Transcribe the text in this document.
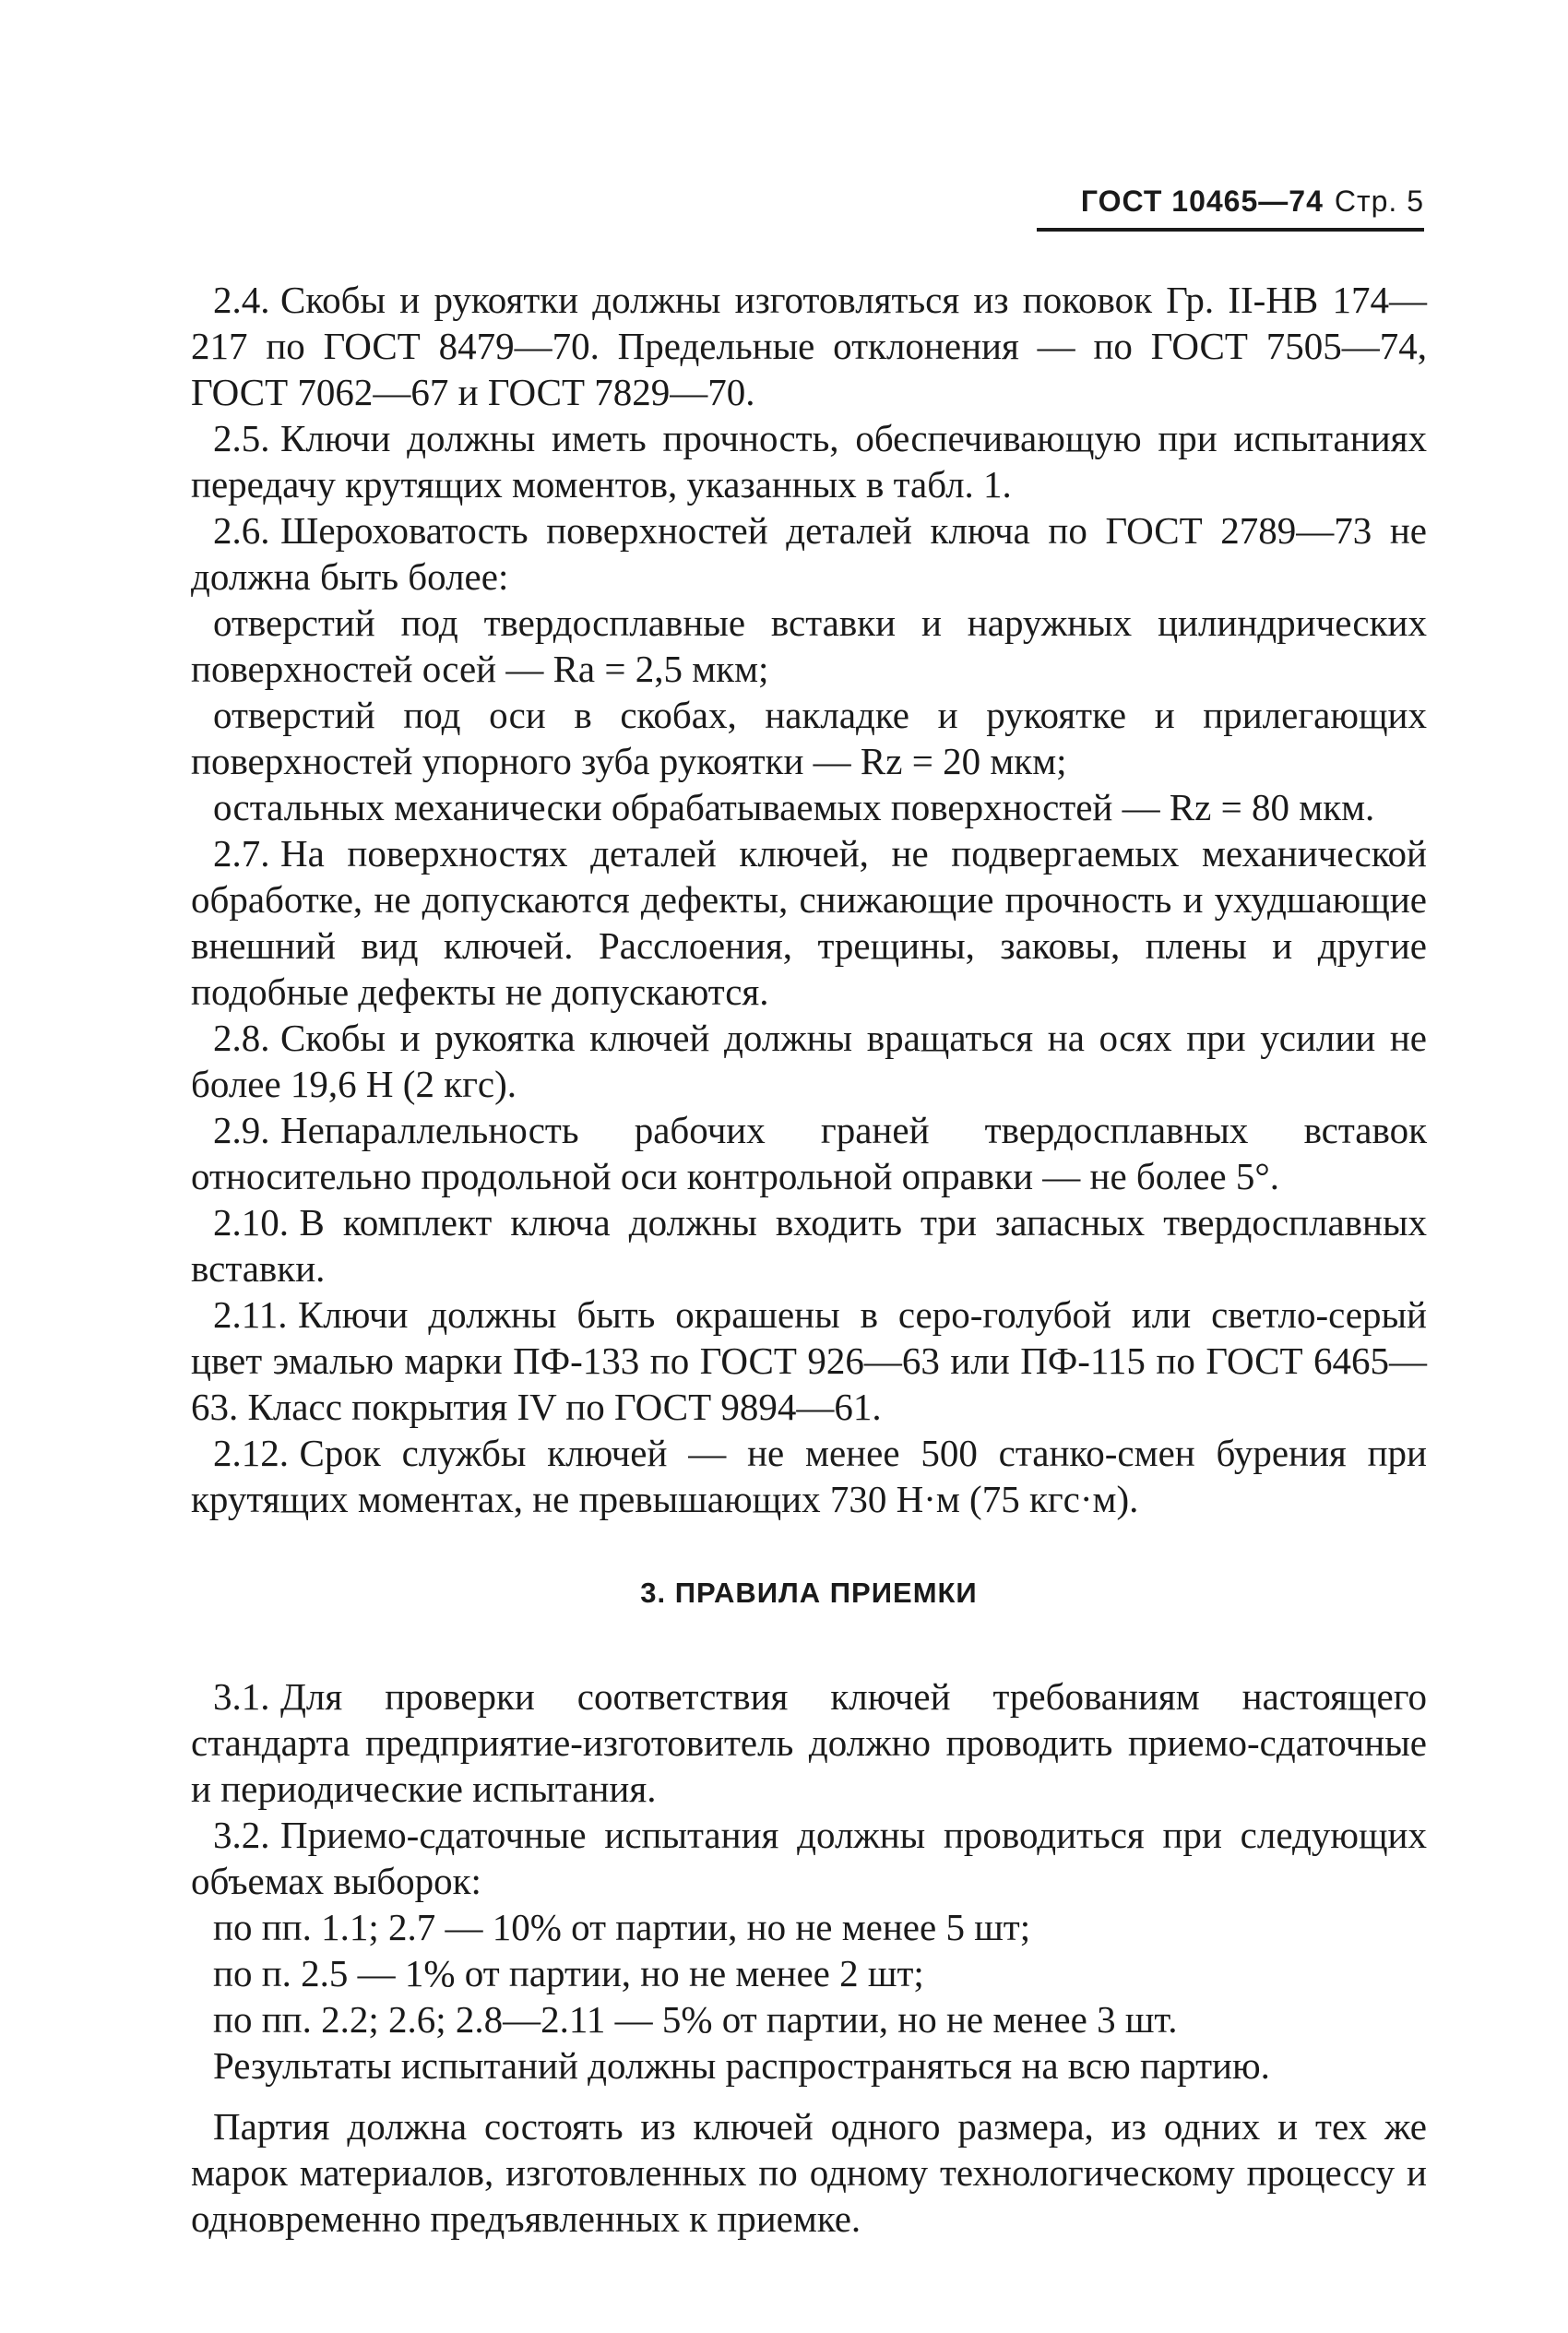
ГОСТ 10465—74 Стр. 5

2.4. Скобы и рукоятки должны изготовляться из поковок Гр. II-НВ 174—217 по ГОСТ 8479—70. Предельные отклонения — по ГОСТ 7505—74, ГОСТ 7062—67 и ГОСТ 7829—70.

2.5. Ключи должны иметь прочность, обеспечивающую при испытаниях передачу крутящих моментов, указанных в табл. 1.

2.6. Шероховатость поверхностей деталей ключа по ГОСТ 2789—73 не должна быть более:

отверстий под твердосплавные вставки и наружных цилиндрических поверхностей осей — Ra = 2,5 мкм;

отверстий под оси в скобах, накладке и рукоятке и прилегающих поверхностей упорного зуба рукоятки — Rz = 20 мкм;

остальных механически обрабатываемых поверхностей — Rz = 80 мкм.

2.7. На поверхностях деталей ключей, не подвергаемых механической обработке, не допускаются дефекты, снижающие прочность и ухудшающие внешний вид ключей. Расслоения, трещины, заковы, плены и другие подобные дефекты не допускаются.

2.8. Скобы и рукоятка ключей должны вращаться на осях при усилии не более 19,6 Н (2 кгс).

2.9. Непараллельность рабочих граней твердосплавных вставок относительно продольной оси контрольной оправки — не более 5°.

2.10. В комплект ключа должны входить три запасных твердосплавных вставки.

2.11. Ключи должны быть окрашены в серо-голубой или светло-серый цвет эмалью марки ПФ-133 по ГОСТ 926—63 или ПФ-115 по ГОСТ 6465—63. Класс покрытия IV по ГОСТ 9894—61.

2.12. Срок службы ключей — не менее 500 станко-смен бурения при крутящих моментах, не превышающих 730 Н·м (75 кгс·м).

3. ПРАВИЛА ПРИЕМКИ

3.1. Для проверки соответствия ключей требованиям настоящего стандарта предприятие-изготовитель должно проводить приемо-сдаточные и периодические испытания.

3.2. Приемо-сдаточные испытания должны проводиться при следующих объемах выборок:

по пп. 1.1; 2.7 — 10% от партии, но не менее 5 шт;

по п. 2.5 — 1% от партии, но не менее 2 шт;

по пп. 2.2; 2.6; 2.8—2.11 — 5% от партии, но не менее 3 шт.

Результаты испытаний должны распространяться на всю партию.

Партия должна состоять из ключей одного размера, из одних и тех же марок материалов, изготовленных по одному технологическому процессу и одновременно предъявленных к приемке.
